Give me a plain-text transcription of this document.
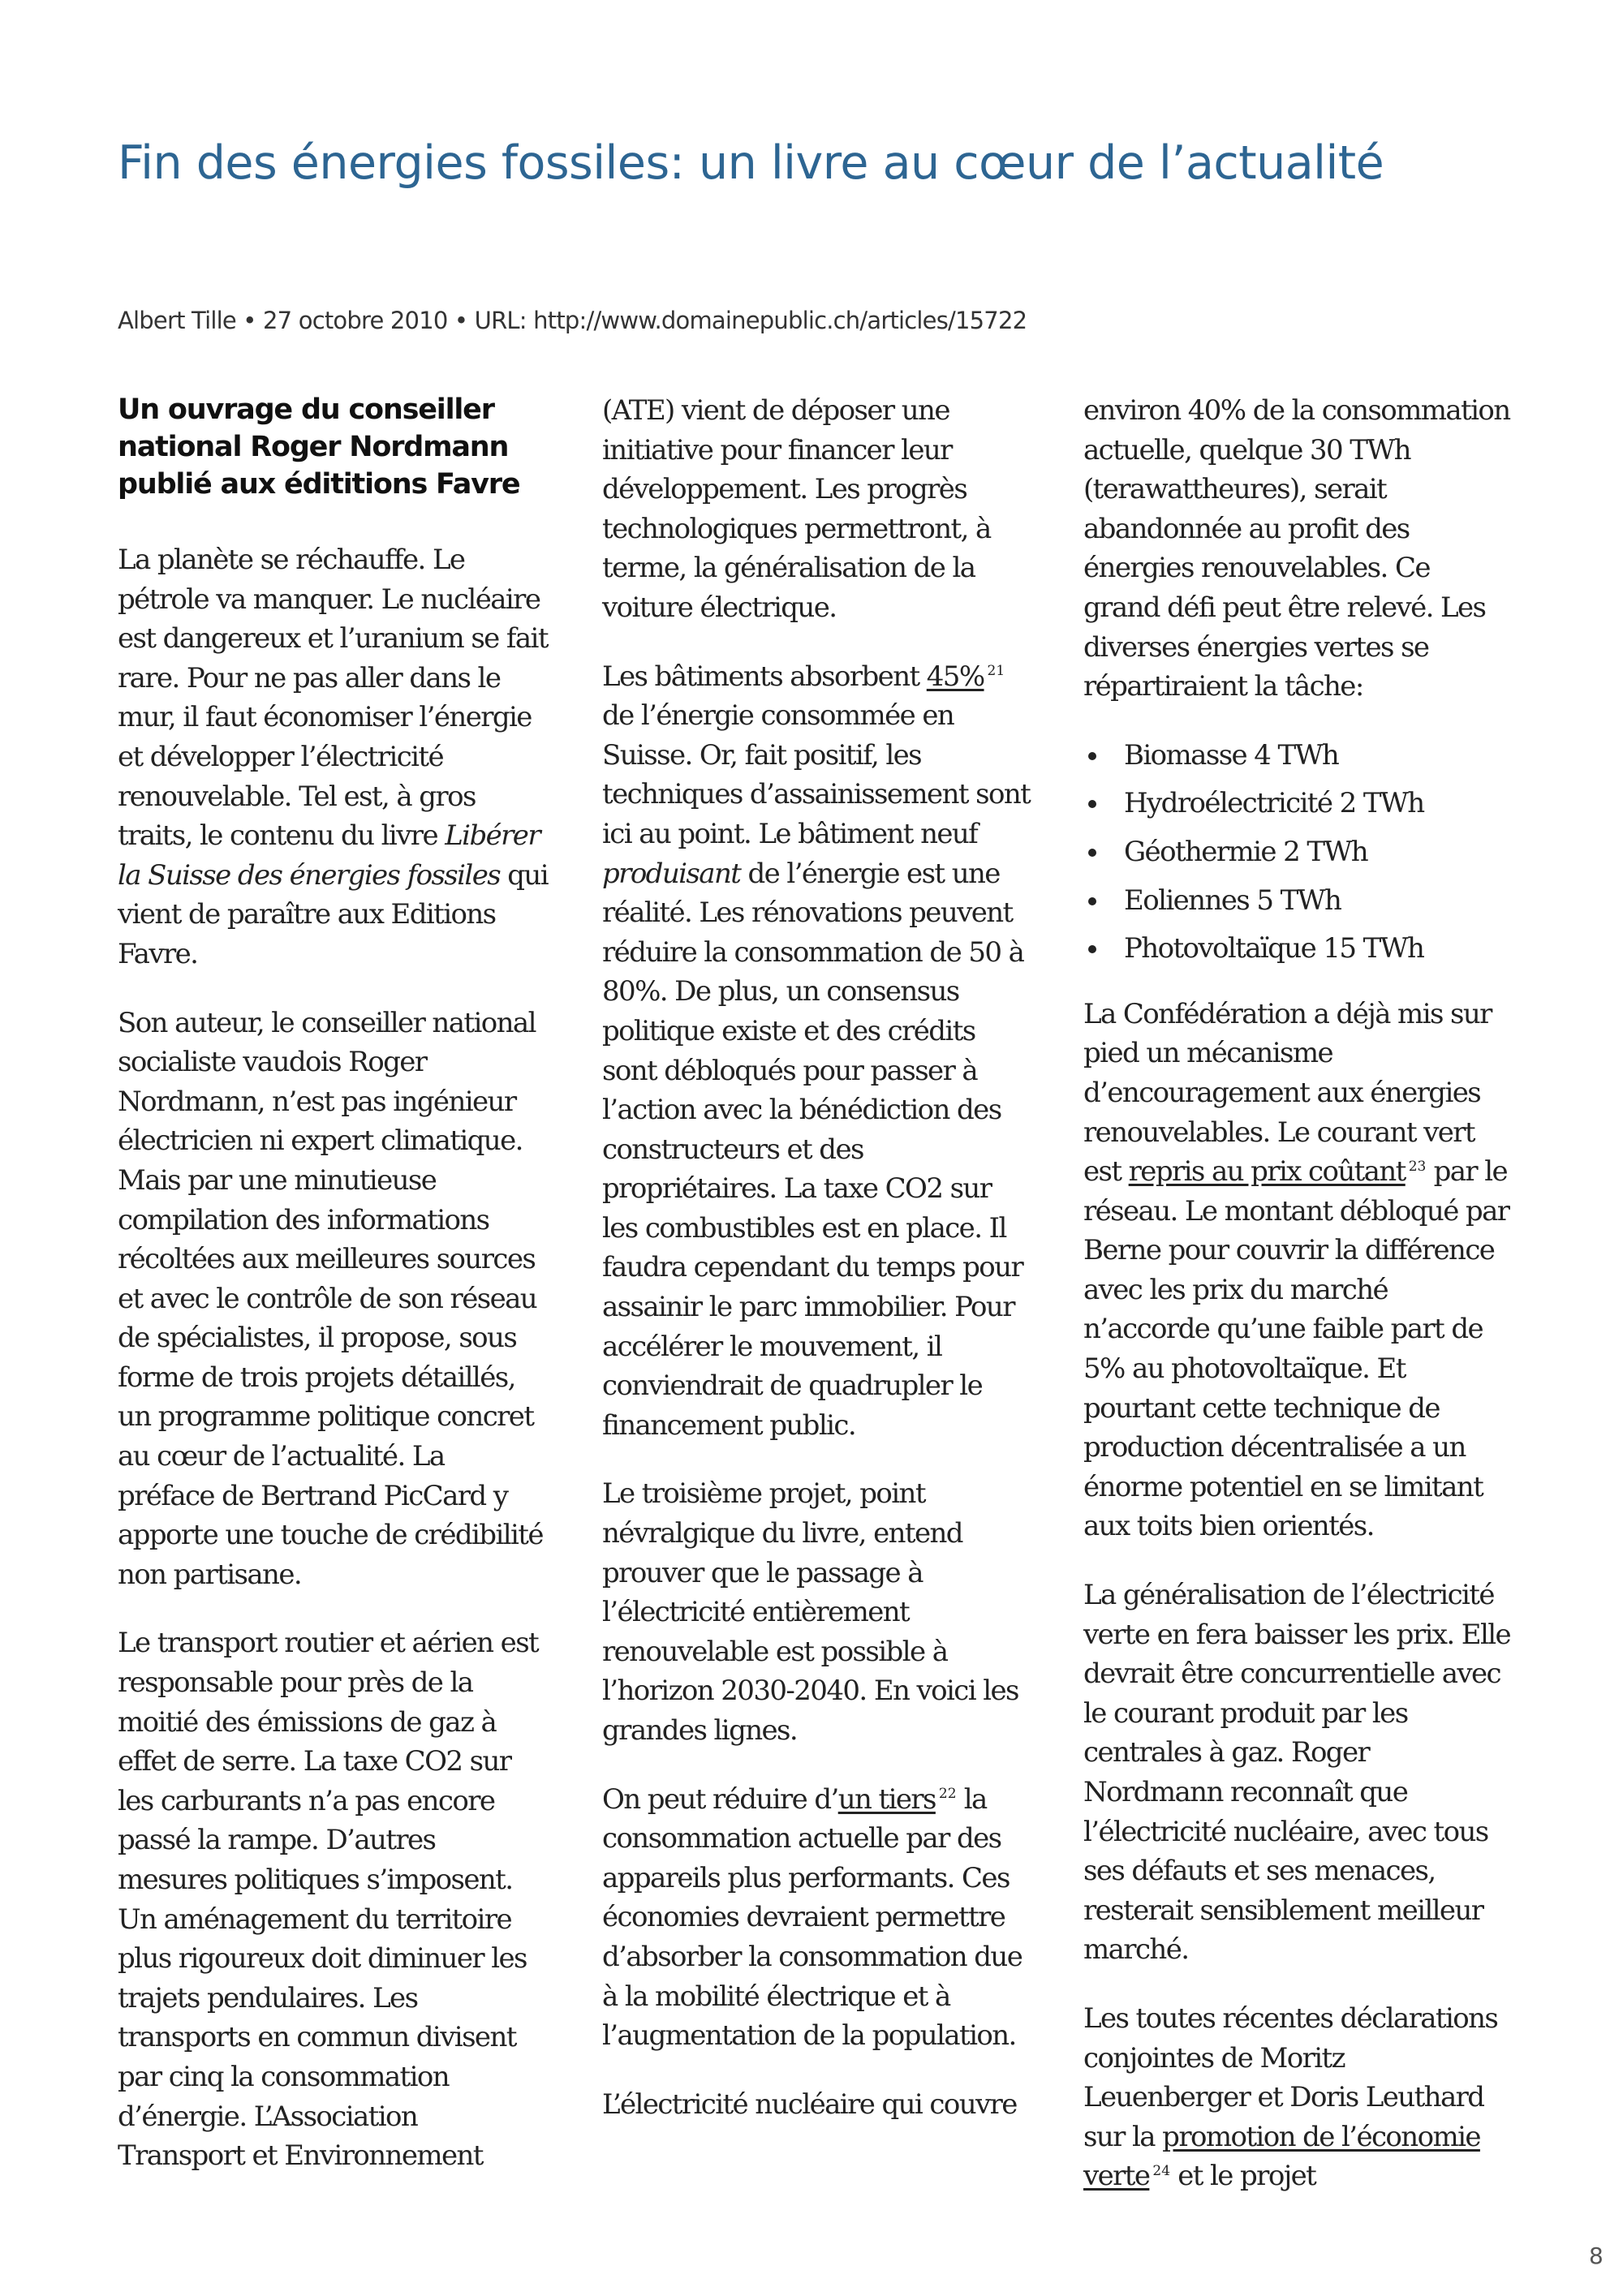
Fin des énergies fossiles: un livre au cœur de l’actualité
Albert Tille • 27 octobre 2010 • URL: http://www.domainepublic.ch/articles/15722
Un ouvrage du conseiller national Roger Nordmann publié aux édititions Favre

La planète se réchauffe. Le pétrole va manquer. Le nucléaire est dangereux et l’uranium se fait rare. Pour ne pas aller dans le mur, il faut économiser l’énergie et développer l’électricité renouvelable. Tel est, à gros traits, le contenu du livre Libérer la Suisse des énergies fossiles qui vient de paraître aux Editions Favre.

Son auteur, le conseiller national socialiste vaudois Roger Nordmann, n’est pas ingénieur électricien ni expert climatique. Mais par une minutieuse compilation des informations récoltées aux meilleures sources et avec le contrôle de son réseau de spécialistes, il propose, sous forme de trois projets détaillés, un programme politique concret au cœur de l’actualité. La préface de Bertrand PicCard y apporte une touche de crédibilité non partisane.

Le transport routier et aérien est responsable pour près de la moitié des émissions de gaz à effet de serre. La taxe CO2 sur les carburants n’a pas encore passé la rampe. D’autres mesures politiques s’imposent. Un aménagement du territoire plus rigoureux doit diminuer les trajets pendulaires. Les transports en commun divisent par cinq la consommation d’énergie. L’Association Transport et Environnement

(ATE) vient de déposer une initiative pour financer leur développement. Les progrès technologiques permettront, à terme, la généralisation de la voiture électrique.

Les bâtiments absorbent 45% $^{21}$ de l’énergie consommée en Suisse. Or, fait positif, les techniques d’assainissement sont ici au point. Le bâtiment neuf produisant de l’énergie est une réalité. Les rénovations peuvent réduire la consommation de 50 à 80%. De plus, un consensus politique existe et des crédits sont débloqués pour passer à l’action avec la bénédiction des constructeurs et des propriétaires. La taxe CO2 sur les combustibles est en place. Il faudra cependant du temps pour assainir le parc immobilier. Pour accélérer le mouvement, il conviendrait de quadrupler le financement public.

Le troisième projet, point névralgique du livre, entend prouver que le passage à l’électricité entièrement renouvelable est possible à l’horizon 2030-2040. En voici les grandes lignes.

On peut réduire d’un tiers $^{22}$ la consommation actuelle par des appareils plus performants. Ces économies devraient permettre d’absorber la consommation due à la mobilité électrique et à l’augmentation de la population.

L’électricité nucléaire qui couvre

environ 40% de la consommation actuelle, quelque 30 TWh (terawattheures), serait abandonnée au profit des énergies renouvelables. Ce grand défi peut être relevé. Les diverses énergies vertes se répartiraient la tâche:

Biomasse 4 TWh
Hydroélectricité 2 TWh
Géothermie 2 TWh
Eoliennes 5 TWh
Photovoltaïque 15 TWh

La Confédération a déjà mis sur pied un mécanisme d’encouragement aux énergies renouvelables. Le courant vert est repris au prix coûtant $^{23}$ par le réseau. Le montant débloqué par Berne pour couvrir la différence avec les prix du marché n’accorde qu’une faible part de 5% au photovoltaïque. Et pourtant cette technique de production décentralisée a un énorme potentiel en se limitant aux toits bien orientés.

La généralisation de l’électricité verte en fera baisser les prix. Elle devrait être concurrentielle avec le courant produit par les centrales à gaz. Roger Nordmann reconnaît que l’électricité nucléaire, avec tous ses défauts et ses menaces, resterait sensiblement meilleur marché.

Les toutes récentes déclarations conjointes de Moritz Leuenberger et Doris Leuthard sur la promotion de l’économie verte $^{24}$ et le projet

8
